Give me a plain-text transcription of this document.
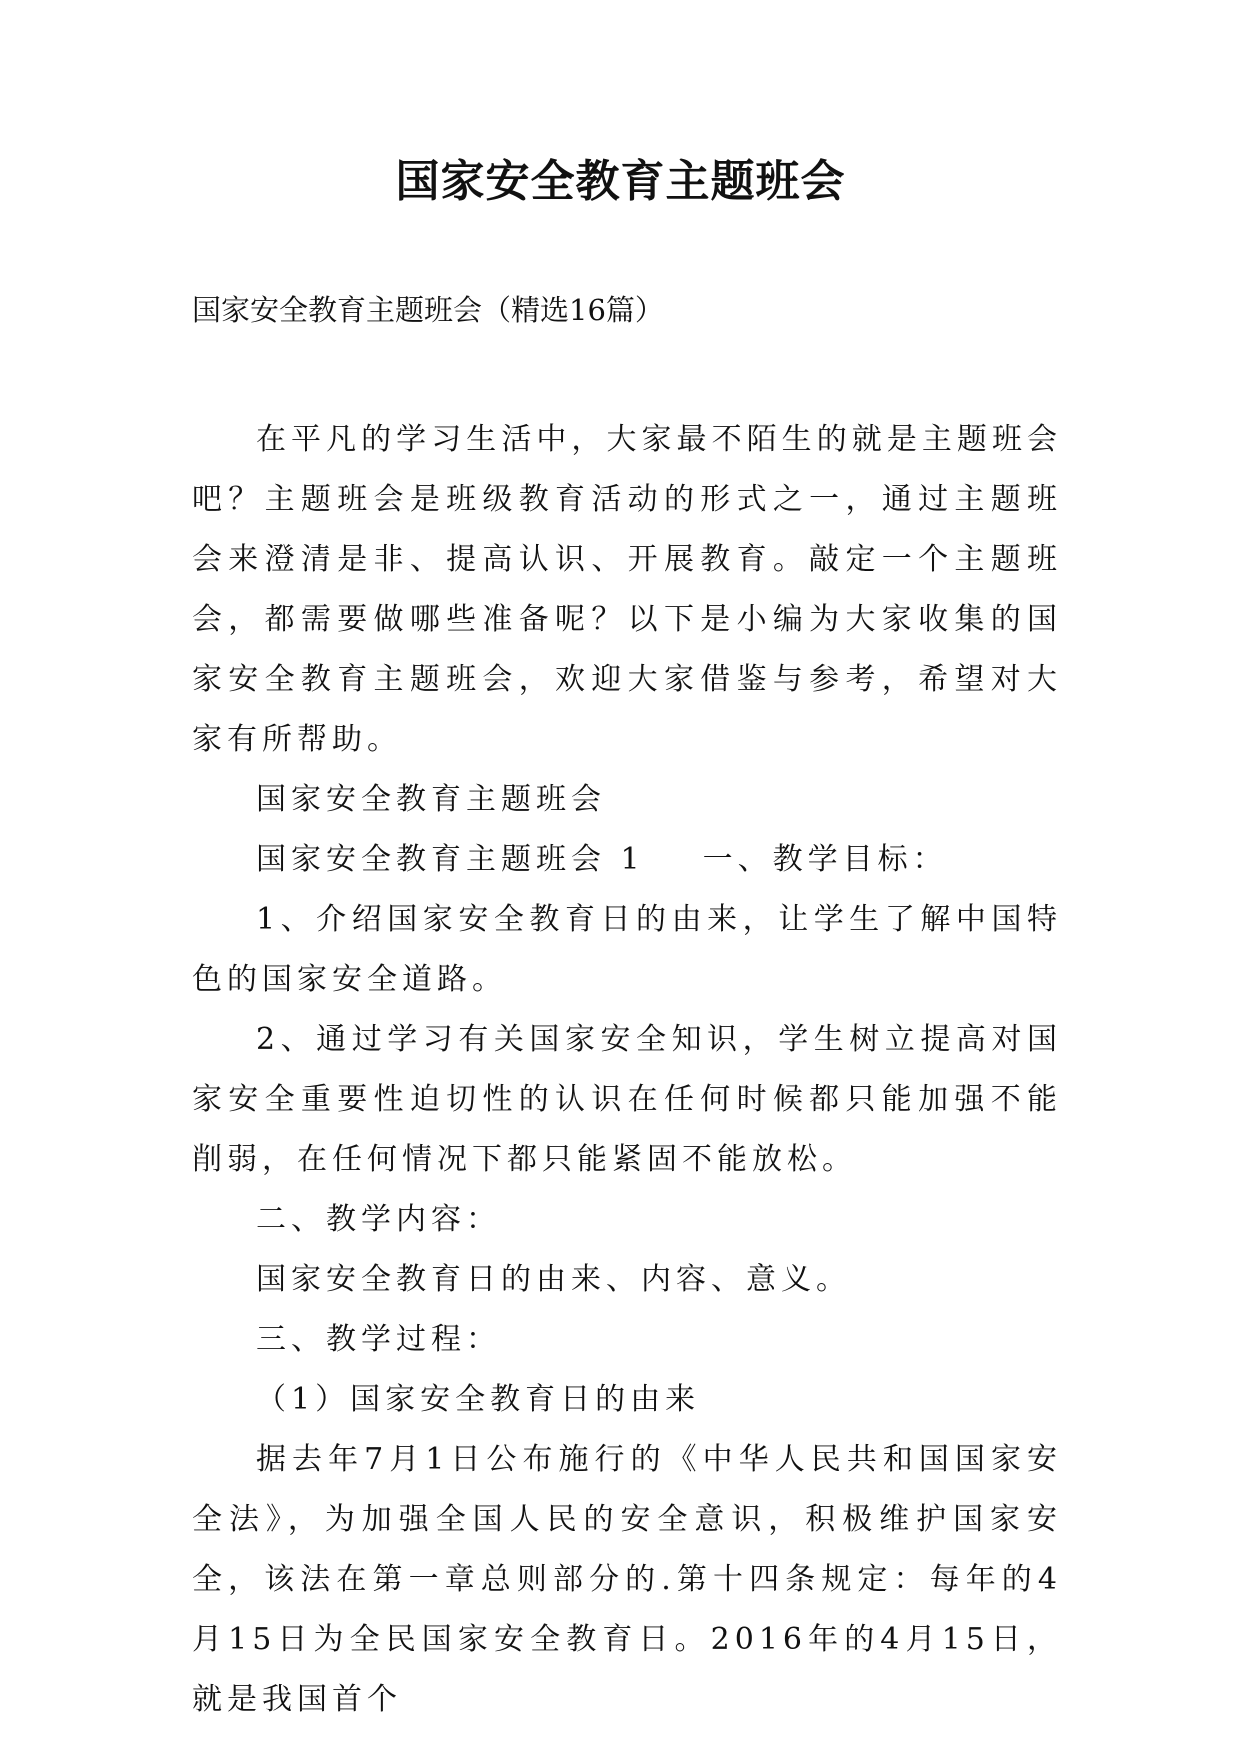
国家安全教育主题班会
国家安全教育主题班会（精选16篇）

在平凡的学习生活中，大家最不陌生的就是主题班会吧？主题班会是班级教育活动的形式之一，通过主题班会来澄清是非、提高认识、开展教育。敲定一个主题班会，都需要做哪些准备呢？以下是小编为大家收集的国家安全教育主题班会，欢迎大家借鉴与参考，希望对大家有所帮助。

国家安全教育主题班会

国家安全教育主题班会 1 一、教学目标：

1、介绍国家安全教育日的由来，让学生了解中国特色的国家安全道路。

2、通过学习有关国家安全知识，学生树立提高对国家安全重要性迫切性的认识在任何时候都只能加强不能削弱，在任何情况下都只能紧固不能放松。

二、教学内容：

国家安全教育日的由来、内容、意义。

三、教学过程：

（1）国家安全教育日的由来

据去年7月1日公布施行的《中华人民共和国国家安全法》，为加强全国人民的安全意识，积极维护国家安全，该法在第一章总则部分的.第十四条规定：每年的4月15日为全民国家安全教育日。2016年的4月15日，就是我国首个
